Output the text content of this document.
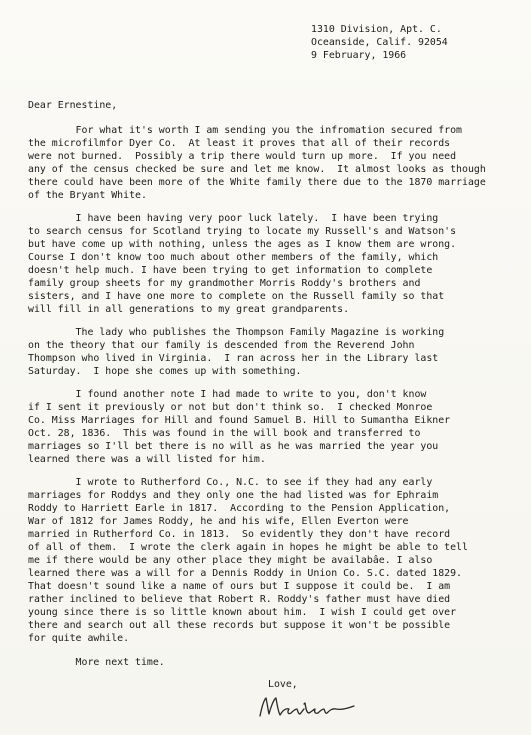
1310 Division, Apt. C.
Oceanside, Calif. 92054
9 February, 1966
Dear Ernestine,
For what it's worth I am sending you the infromation secured from
the microfilmfor Dyer Co.  At least it proves that all of their records
were not burned.  Possibly a trip there would turn up more.  If you need
any of the census checked be sure and let me know.  It almost looks as though
there could have been more of the White family there due to the 1870 marriage
of the Bryant White.
I have been having very poor luck lately.  I have been trying
to search census for Scotland trying to locate my Russell's and Watson's
but have come up with nothing, unless the ages as I know them are wrong.
Course I don't know too much about other members of the family, which
doesn't help much. I have been trying to get information to complete
family group sheets for my grandmother Morris Roddy's brothers and
sisters, and I have one more to complete on the Russell family so that
will fill in all generations to my great grandparents.
The lady who publishes the Thompson Family Magazine is working
on the theory that our family is descended from the Reverend John
Thompson who lived in Virginia.  I ran across her in the Library last
Saturday.  I hope she comes up with something.
I found another note I had made to write to you, don't know
if I sent it previously or not but don't think so.  I checked Monroe
Co. Miss Marriages for Hill and found Samuel B. Hill to Sumantha Eikner
Oct. 28, 1836.  This was found in the will book and transferred to
marriages so I'll bet there is no will as he was married the year you
learned there was a will listed for him.
I wrote to Rutherford Co., N.C. to see if they had any early
marriages for Roddys and they only one the had listed was for Ephraim
Roddy to Harriett Earle in 1817.  According to the Pension Application,
War of 1812 for James Roddy, he and his wife, Ellen Everton were
married in Rutherford Co. in 1813.  So evidently they don't have record
of all of them.  I wrote the clerk again in hopes he might be able to tell
me if there would be any other place they might be availabâe. I also
learned there was a will for a Dennis Roddy in Union Co. S.C. dated 1829.
That doesn't sound like a name of ours but I suppose it could be.  I am
rather inclined to believe that Robert R. Roddy's father must have died
young since there is so little known about him.  I wish I could get over
there and search out all these records but suppose it won't be possible
for quite awhile.
More next time.
Love,
